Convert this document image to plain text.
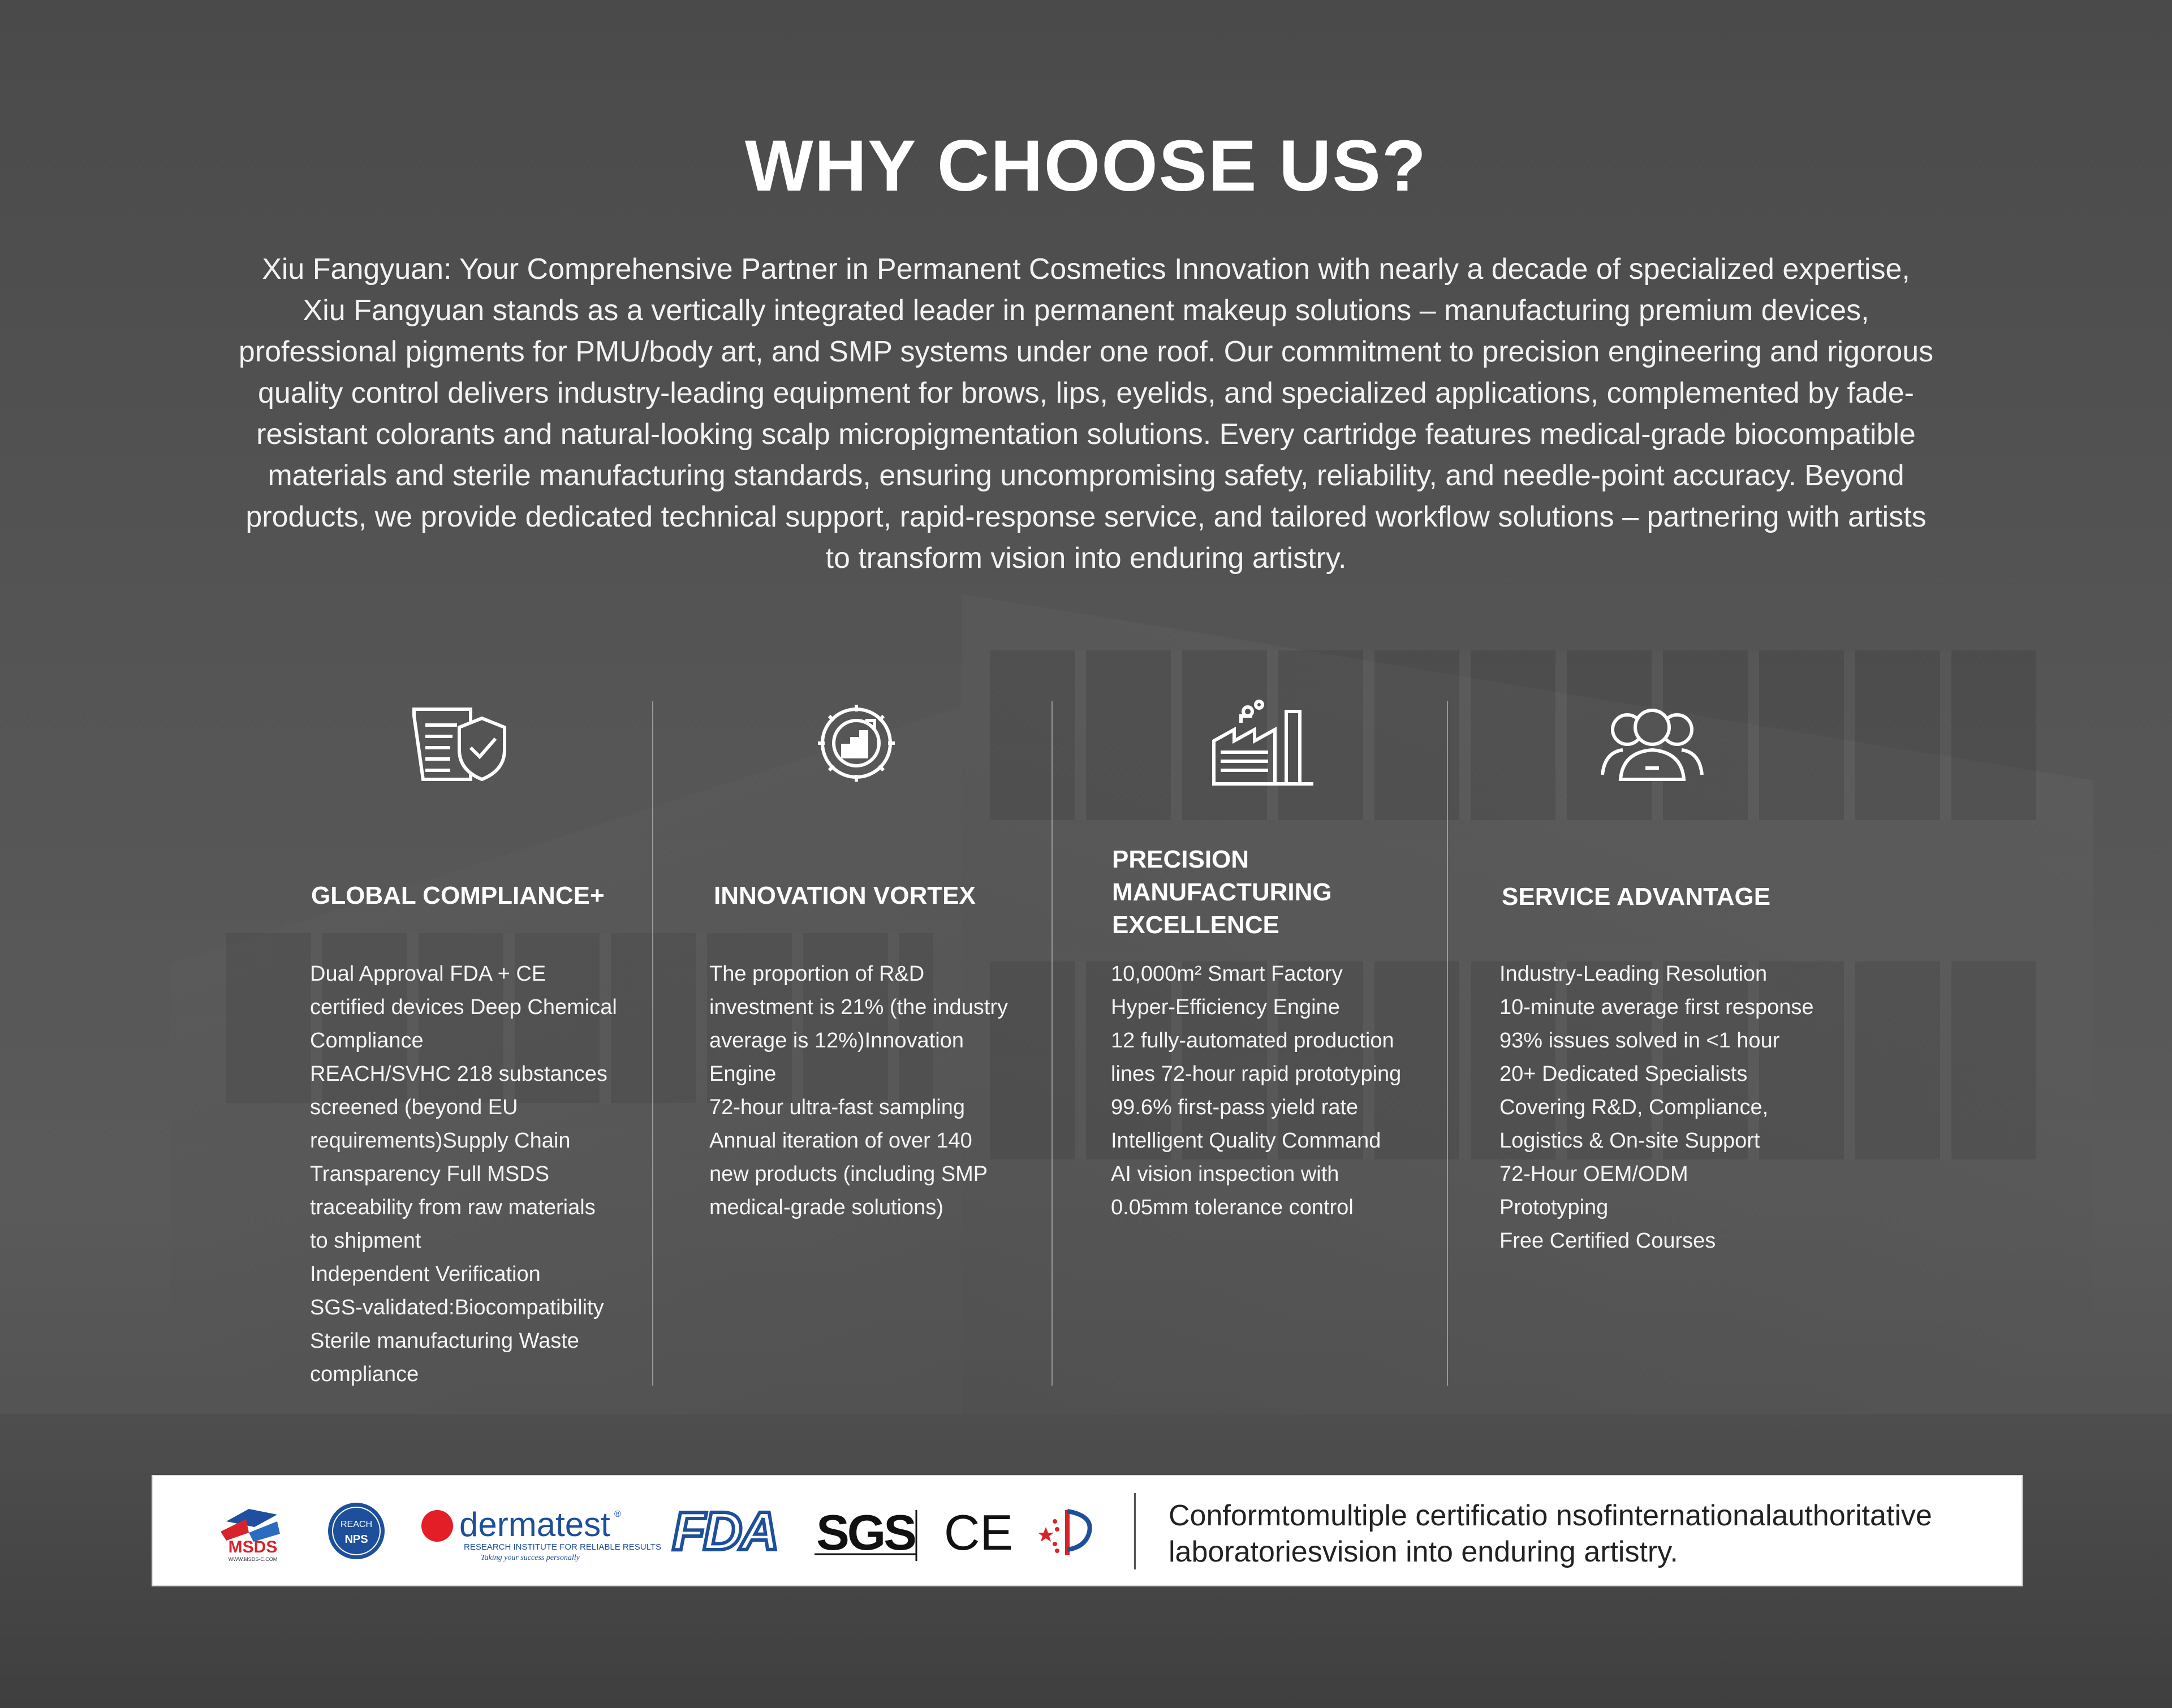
WHY CHOOSE US?

Xiu Fangyuan: Your Comprehensive Partner in Permanent Cosmetics Innovation with nearly a decade of specialized expertise, Xiu Fangyuan stands as a vertically integrated leader in permanent makeup solutions – manufacturing premium devices, professional pigments for PMU/body art, and SMP systems under one roof. Our commitment to precision engineering and rigorous quality control delivers industry-leading equipment for brows, lips, eyelids, and specialized applications, complemented by fade-resistant colorants and natural-looking scalp micropigmentation solutions. Every cartridge features medical-grade biocompatible materials and sterile manufacturing standards, ensuring uncompromising safety, reliability, and needle-point accuracy. Beyond products, we provide dedicated technical support, rapid-response service, and tailored workflow solutions – partnering with artists to transform vision into enduring artistry.

GLOBAL COMPLIANCE+
Dual Approval FDA + CE
certified devices Deep Chemical
Compliance
REACH/SVHC 218 substances
screened (beyond EU
requirements)Supply Chain
Transparency Full MSDS
traceability from raw materials
to shipment
Independent Verification
SGS-validated:Biocompatibility
Sterile manufacturing Waste
compliance
INNOVATION VORTEX
The proportion of R&D
investment is 21% (the industry
average is 12%)Innovation
Engine
72-hour ultra-fast sampling
Annual iteration of over 140
new products (including SMP
medical-grade solutions)
PRECISION
MANUFACTURING
EXCELLENCE
10,000m² Smart Factory
Hyper-Efficiency Engine
12 fully-automated production
lines 72-hour rapid prototyping
99.6% first-pass yield rate
Intelligent Quality Command
AI vision inspection with
0.05mm tolerance control
SERVICE ADVANTAGE
Industry-Leading Resolution
10-minute average first response
93% issues solved in <1 hour
20+ Dedicated Specialists
Covering R&D, Compliance,
Logistics & On-site Support
72-Hour OEM/ODM
Prototyping
Free Certified Courses
MSDS
WWW.MSDS-C.COM
REACH
NPS	dermatest ®
RESEARCH INSTITUTE FOR RELIABLE RESULTS
Taking your success personally FDA SGS CE	Conformtomultiple certificatio nsofinternationalauthoritative laboratoriesvision into enduring artistry.
